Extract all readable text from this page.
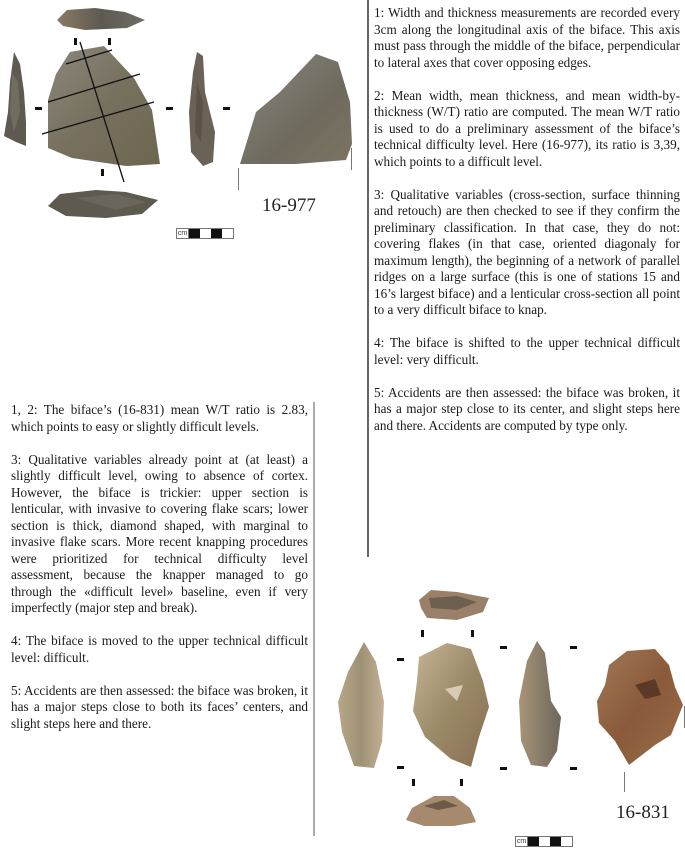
16-977
cm

1: Width and thickness measurements are recorded every 3cm along the longitudinal axis of the biface. This axis must pass through the middle of the biface, perpendicular to lateral axes that cover opposing edges.

2: Mean width, mean thickness, and mean width-by-thickness (W/T) ratio are computed. The mean W/T ratio is used to do a preliminary assessment of the biface’s technical difficulty level. Here (16-977), its ratio is 3,39, which points to a difficult level.

3: Qualitative variables (cross-section, surface thinning and retouch) are then checked to see if they confirm the preliminary classification. In that case, they do not: covering flakes (in that case, oriented diagonaly for maximum length), the beginning of a network of parallel ridges on a large surface (this is one of stations 15 and 16’s largest biface) and a lenticular cross-section all point to a very difficult biface to knap.

4: The biface is shifted to the upper technical difficult level: very difficult.

5: Accidents are then assessed: the biface was broken, it has a major step close to its center, and slight steps here and there. Accidents are computed by type only.

1, 2: The biface’s (16-831) mean W/T ratio is 2.83, which points to easy or slightly difficult levels.

3: Qualitative variables already point at (at least) a slightly difficult level, owing to absence of cortex. However, the biface is trickier: upper section is lenticular, with invasive to covering flake scars; lower section is thick, diamond shaped, with marginal to invasive flake scars. More recent knapping procedures were prioritized for technical difficulty level assessment, because the knapper managed to go through the «difficult level» baseline, even if very imperfectly (major step and break).

4: The biface is moved to the upper technical difficult level: difficult.

5: Accidents are then assessed: the biface was broken, it has a major steps close to both its faces’ centers, and slight steps here and there.

16-831
cm
